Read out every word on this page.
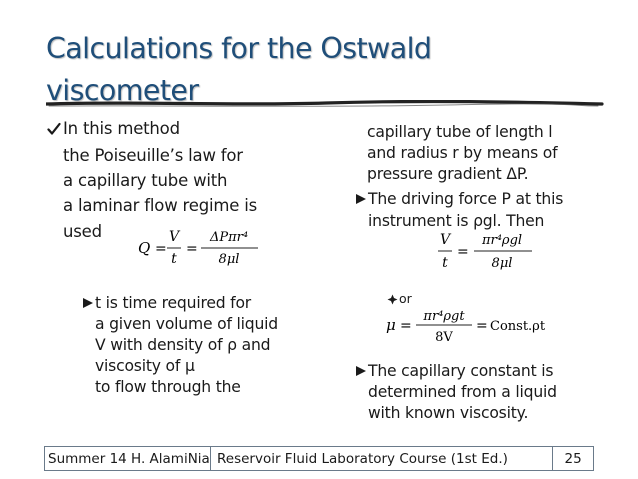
Calculations for the Ostwald
viscometer
In this method
the Poiseuille’s law for
a capillary tube with
a laminar flow regime is
used
Q =
V
t
=
ΔPπr⁴
8μl
t is time required for
a given volume of liquid
V with density of ρ and
viscosity of μ
to flow through the
capillary tube of length l
and radius r by means of
pressure gradient ΔP.
The driving force P at this
instrument is ρgl. Then
V
t
=
πr⁴ρgl
8μl
or
μ =
πr⁴ρgt
8V
= Const.ρt
The capillary constant is
determined from a liquid
with known viscosity.
Summer 14 H. AlamiNia Reservoir Fluid Laboratory Course (1st Ed.)	25
